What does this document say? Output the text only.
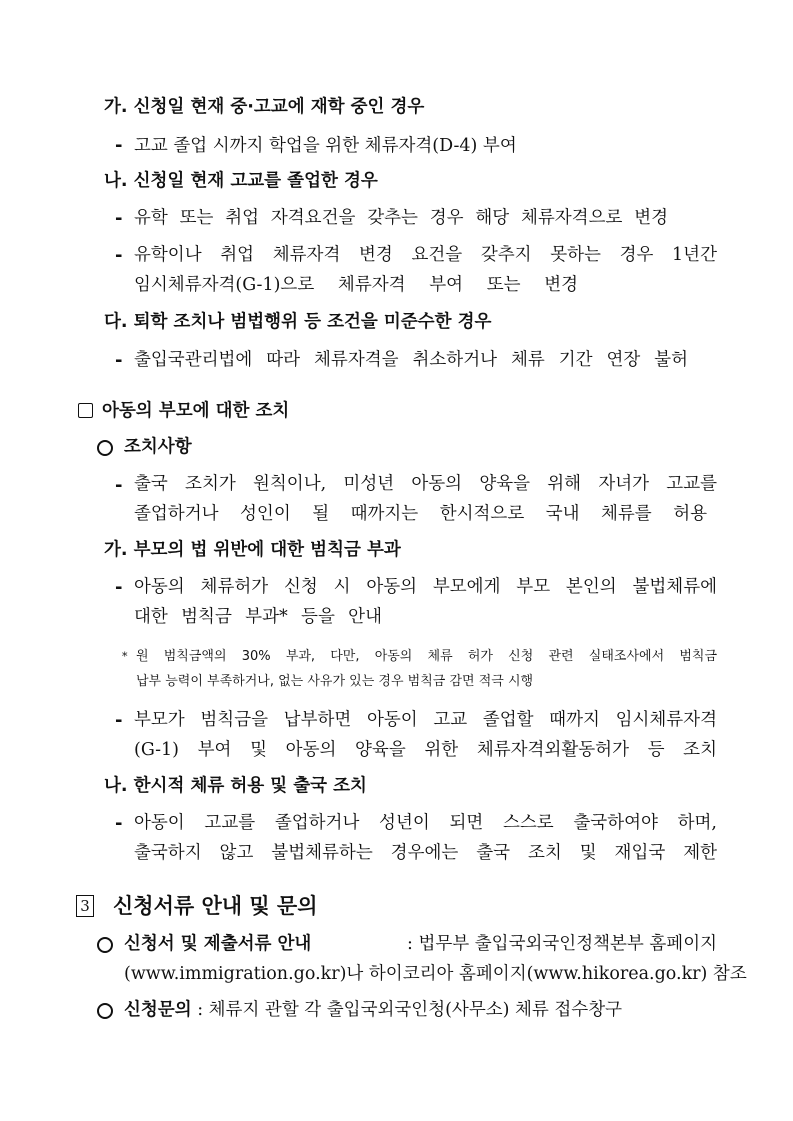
가. 신청일 현재 중·고교에 재학 중인 경우
- 고교 졸업 시까지 학업을 위한 체류자격(D-4) 부여
나. 신청일 현재 고교를 졸업한 경우
- 유학 또는 취업 자격요건을 갖추는 경우 해당 체류자격으로 변경
- 유학이나 취업 체류자격 변경 요건을 갖추지 못하는 경우 1년간
임시체류자격(G-1)으로 체류자격 부여 또는 변경
다. 퇴학 조치나 범법행위 등 조건을 미준수한 경우
- 출입국관리법에 따라 체류자격을 취소하거나 체류 기간 연장 불허
아동의 부모에 대한 조치
조치사항
- 출국 조치가 원칙이나, 미성년 아동의 양육을 위해 자녀가 고교를
졸업하거나 성인이 될 때까지는 한시적으로 국내 체류를 허용
가. 부모의 법 위반에 대한 범칙금 부과
- 아동의 체류허가 신청 시 아동의 부모에게 부모 본인의 불법체류에
대한 범칙금 부과* 등을 안내
* 원 범칙금액의 30% 부과, 다만, 아동의 체류 허가 신청 관련 실태조사에서 범칙금
납부 능력이 부족하거나, 없는 사유가 있는 경우 범칙금 감면 적극 시행
- 부모가 범칙금을 납부하면 아동이 고교 졸업할 때까지 임시체류자격
(G-1) 부여 및 아동의 양육을 위한 체류자격외활동허가 등 조치
나. 한시적 체류 허용 및 출국 조치
- 아동이 고교를 졸업하거나 성년이 되면 스스로 출국하여야 하며,
출국하지 않고 불법체류하는 경우에는 출국 조치 및 재입국 제한
3 신청서류 안내 및 문의
신청서 및 제출서류 안내	: 법무부 출입국외국인정책본부 홈페이지
(www.immigration.go.kr)나 하이코리아 홈페이지(www.hikorea.go.kr) 참조
신청문의 : 체류지 관할 각 출입국외국인청(사무소) 체류 접수창구
